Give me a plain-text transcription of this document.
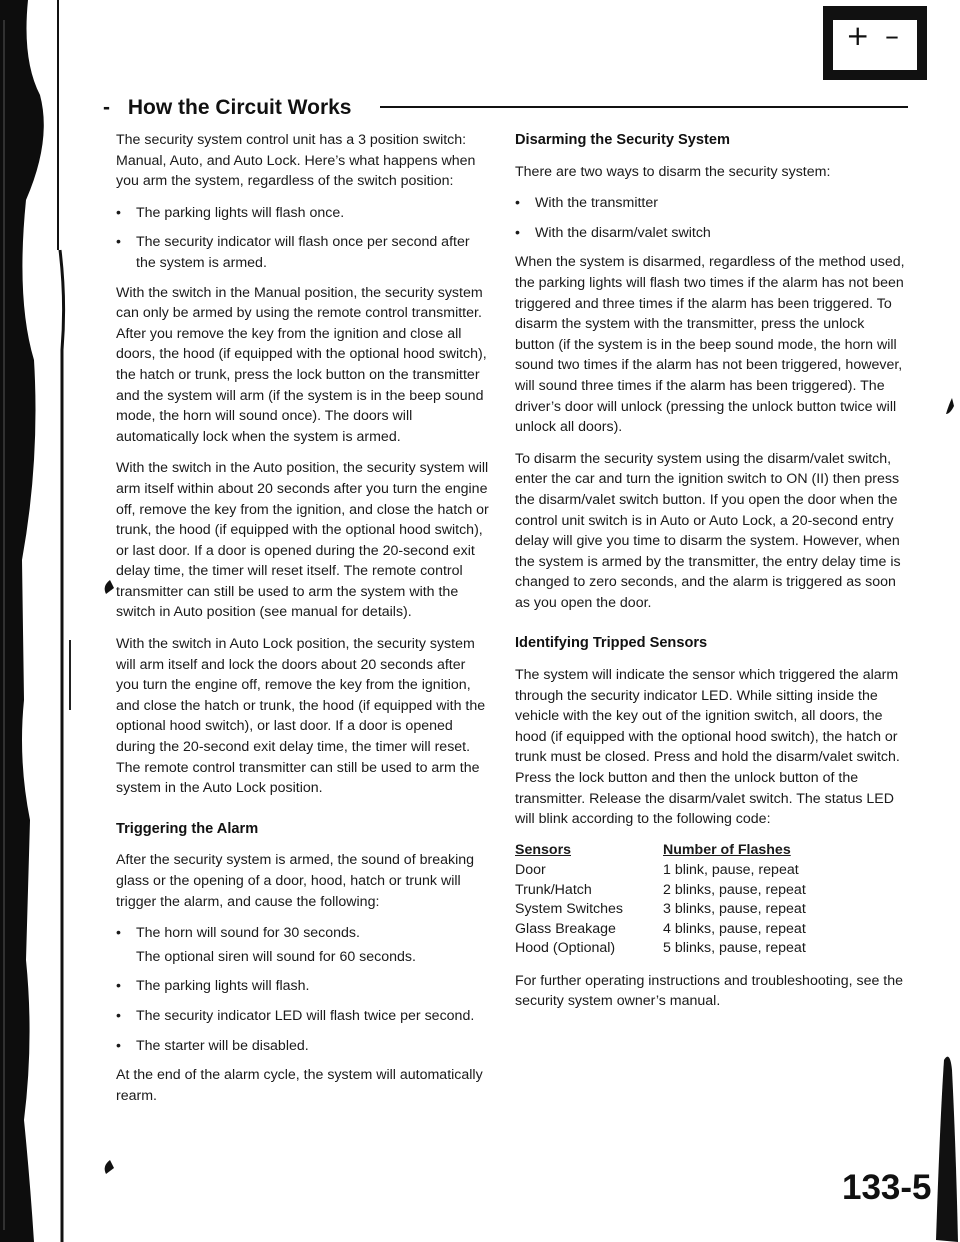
+ –
- How the Circuit Works

The security system control unit has a 3 position switch: Manual, Auto, and Auto Lock. Here’s what happens when you arm the system, regardless of the switch position:

• The parking lights will flash once.
• The security indicator will flash once per second after the system is armed.

With the switch in the Manual position, the security system can only be armed by using the remote control transmitter. After you remove the key from the ignition and close all doors, the hood (if equipped with the optional hood switch), the hatch or trunk, press the lock button on the transmitter and the system will arm (if the system is in the beep sound mode, the horn will sound once). The doors will automatically lock when the system is armed.

With the switch in the Auto position, the security system will arm itself within about 20 seconds after you turn the engine off, remove the key from the ignition, and close the hatch or trunk, the hood (if equipped with the optional hood switch), or last door. If a door is opened during the 20-second exit delay time, the timer will reset itself. The remote control transmitter can still be used to arm the system with the switch in Auto position (see manual for details).

With the switch in Auto Lock position, the security system will arm itself and lock the doors about 20 seconds after you turn the engine off, remove the key from the ignition, and close the hatch or trunk, the hood (if equipped with the optional hood switch), or last door. If a door is opened during the 20-second exit delay time, the timer will reset. The remote control transmitter can still be used to arm the system in the Auto Lock position.

Triggering the Alarm

After the security system is armed, the sound of breaking glass or the opening of a door, hood, hatch or trunk will trigger the alarm, and cause the following:

• The horn will sound for 30 seconds.
The optional siren will sound for 60 seconds.
• The parking lights will flash.
• The security indicator LED will flash twice per second.
• The starter will be disabled.

At the end of the alarm cycle, the system will automatically rearm.

Disarming the Security System

There are two ways to disarm the security system:

• With the transmitter
• With the disarm/valet switch

When the system is disarmed, regardless of the method used, the parking lights will flash two times if the alarm has not been triggered and three times if the alarm has been triggered. To disarm the system with the transmitter, press the unlock button (if the system is in the beep sound mode, the horn will sound two times if the alarm has not been triggered, however, will sound three times if the alarm has been triggered). The driver’s door will unlock (pressing the unlock button twice will unlock all doors).

To disarm the security system using the disarm/valet switch, enter the car and turn the ignition switch to ON (II) then press the disarm/valet switch button. If you open the door when the control unit switch is in Auto or Auto Lock, a 20-second entry delay will give you time to disarm the system. However, when the system is armed by the transmitter, the entry delay time is changed to zero seconds, and the alarm is triggered as soon as you open the door.

Identifying Tripped Sensors

The system will indicate the sensor which triggered the alarm through the security indicator LED. While sitting inside the vehicle with the key out of the ignition switch, all doors, the hood (if equipped with the optional hood switch), the hatch or trunk must be closed. Press and hold the disarm/valet switch. Press the lock button and then the unlock button of the transmitter. Release the disarm/valet switch. The status LED will blink according to the following code:

Sensors	Number of Flashes
Door	1 blink, pause, repeat
Trunk/Hatch	2 blinks, pause, repeat
System Switches	3 blinks, pause, repeat
Glass Breakage	4 blinks, pause, repeat
Hood (Optional)	5 blinks, pause, repeat

For further operating instructions and troubleshooting, see the security system owner’s manual.

133-5
